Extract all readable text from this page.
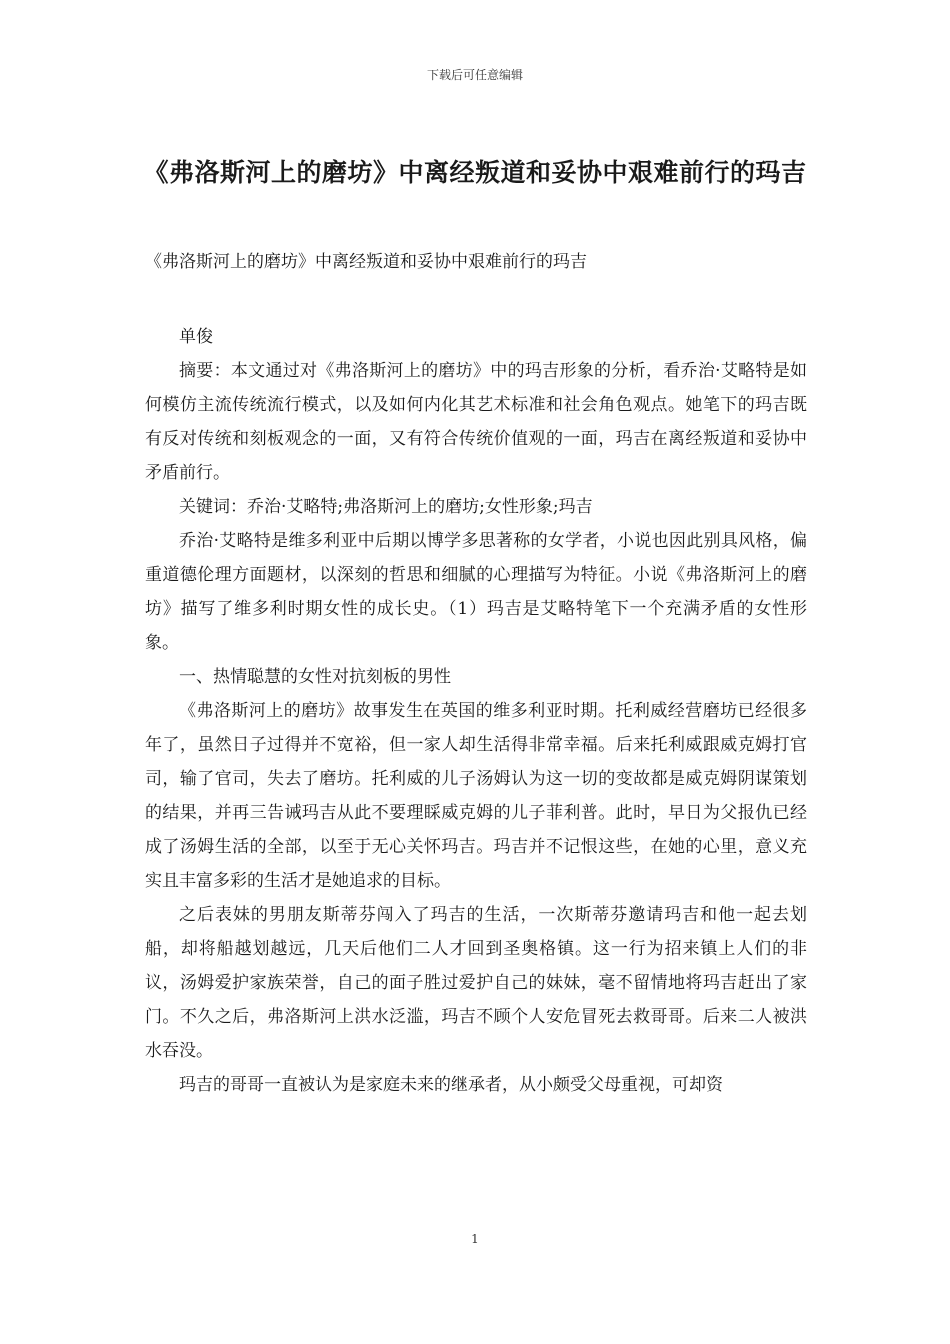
下载后可任意编辑
《弗洛斯河上的磨坊》中离经叛道和妥协中艰难前行的玛吉
《弗洛斯河上的磨坊》中离经叛道和妥协中艰难前行的玛吉

单俊

摘要：本文通过对《弗洛斯河上的磨坊》中的玛吉形象的分析，看乔治·艾略特是如何模仿主流传统流行模式，以及如何内化其艺术标准和社会角色观点。她笔下的玛吉既有反对传统和刻板观念的一面，又有符合传统价值观的一面，玛吉在离经叛道和妥协中矛盾前行。

关键词：乔治·艾略特;弗洛斯河上的磨坊;女性形象;玛吉

乔治·艾略特是维多利亚中后期以博学多思著称的女学者，小说也因此别具风格，偏重道德伦理方面题材，以深刻的哲思和细腻的心理描写为特征。小说《弗洛斯河上的磨坊》描写了维多利时期女性的成长史。（1）玛吉是艾略特笔下一个充满矛盾的女性形象。

一、热情聪慧的女性对抗刻板的男性

《弗洛斯河上的磨坊》故事发生在英国的维多利亚时期。托利威经营磨坊已经很多年了，虽然日子过得并不宽裕，但一家人却生活得非常幸福。后来托利威跟威克姆打官司，输了官司，失去了磨坊。托利威的儿子汤姆认为这一切的变故都是威克姆阴谋策划的结果，并再三告诫玛吉从此不要理睬威克姆的儿子菲利普。此时，早日为父报仇已经成了汤姆生活的全部，以至于无心关怀玛吉。玛吉并不记恨这些，在她的心里，意义充实且丰富多彩的生活才是她追求的目标。

之后表妹的男朋友斯蒂芬闯入了玛吉的生活，一次斯蒂芬邀请玛吉和他一起去划船，却将船越划越远，几天后他们二人才回到圣奥格镇。这一行为招来镇上人们的非议，汤姆爱护家族荣誉，自己的面子胜过爱护自己的妹妹，毫不留情地将玛吉赶出了家门。不久之后，弗洛斯河上洪水泛滥，玛吉不顾个人安危冒死去救哥哥。后来二人被洪水吞没。

玛吉的哥哥一直被认为是家庭未来的继承者，从小颇受父母重视，可却资

1
